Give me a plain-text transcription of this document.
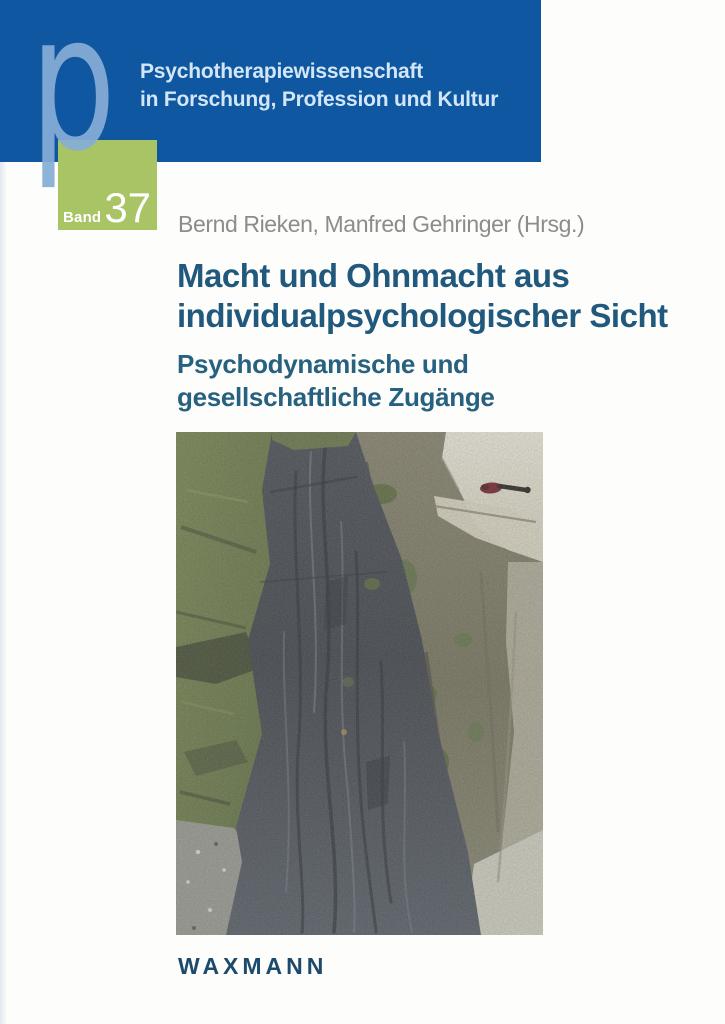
Psychotherapiewissenschaft
in Forschung, Profession und Kultur
p
Band 37 Bernd Rieken, Manfred Gehringer (Hrsg.)
Macht und Ohnmacht aus
individualpsychologischer Sicht
Psychodynamische und
gesellschaftliche Zugänge
WAXMANN
